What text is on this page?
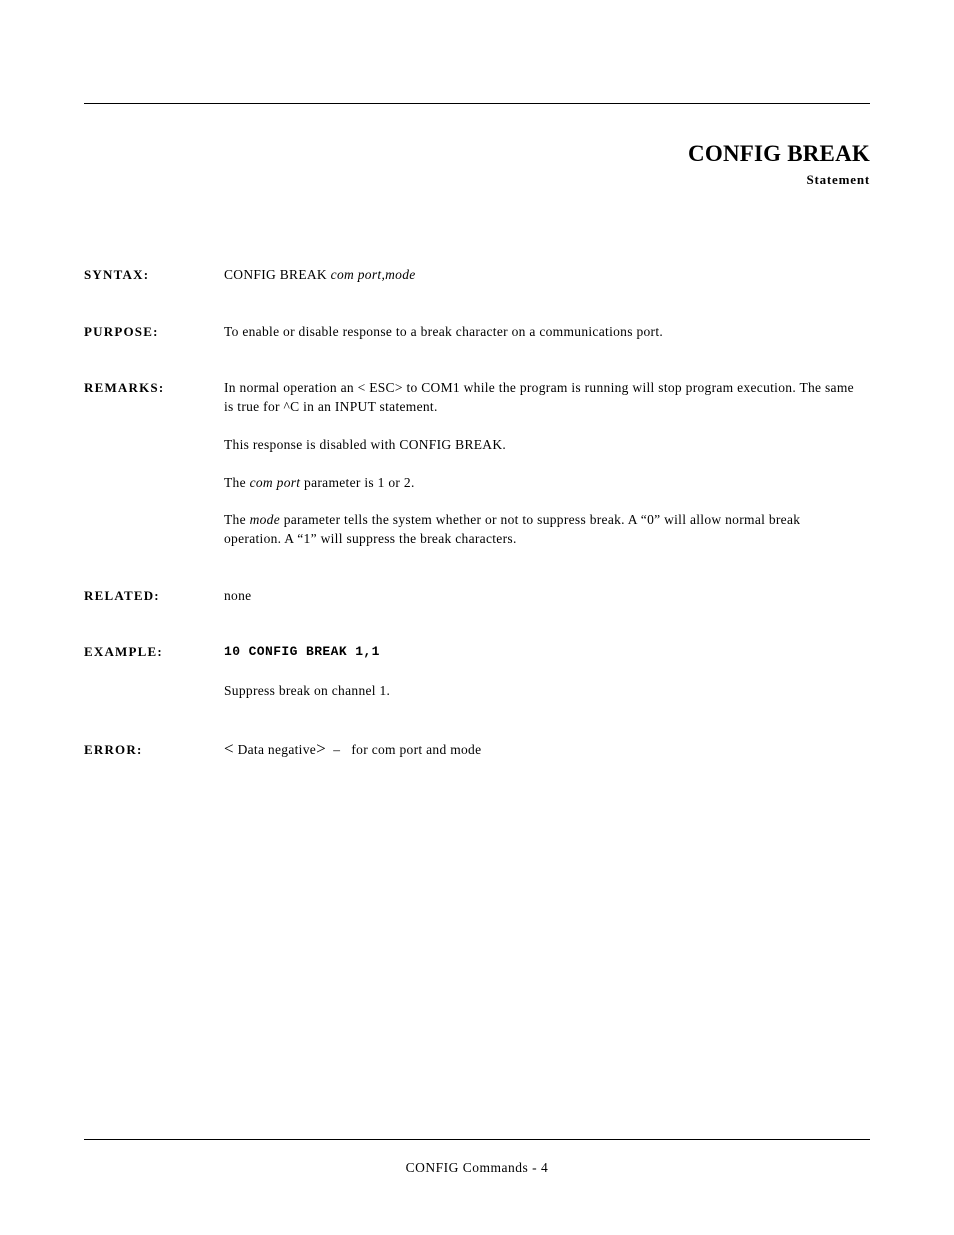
CONFIG BREAK
Statement
SYNTAX:	CONFIG BREAK com port,mode
PURPOSE:	To enable or disable response to a break character on a communications port.
REMARKS:	In normal operation an < ESC> to COM1 while the program is running will stop program execution. The same is true for ^C in an INPUT statement.
This response is disabled with CONFIG BREAK.
The com port parameter is 1 or 2.
The mode parameter tells the system whether or not to suppress break. A “0” will allow normal break operation. A “1” will suppress the break characters.
RELATED:	none
EXAMPLE:	10 CONFIG BREAK 1,1
Suppress break on channel 1.
ERROR:	< Data negative>  –   for com port and mode
CONFIG Commands - 4
